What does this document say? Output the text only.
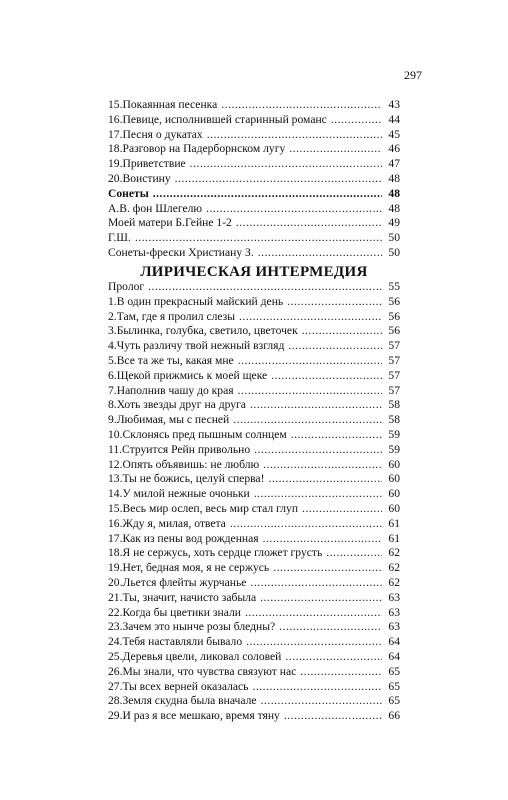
297
15.Покаянная песенка .....	43
16.Певице, исполнившей старинный романс .....	44
17.Песня о дукатах .....	45
18.Разговор на Падерборнском лугу .....	46
19.Приветствие .....	47
20.Воистину .....	48
Сонеты .....	48
А.В. фон Шлегелю .....	48
Моей матери Б.Гейне 1-2 .....	49
Г.Ш. .....	50
Сонеты-фрески Христиану З. .....	50
ЛИРИЧЕСКАЯ ИНТЕРМЕДИЯ
Пролог .....	55
1.В один прекрасный майский день .....	56
2.Там, где я пролил слезы .....	56
3.Былинка, голубка, светило, цветочек .....	56
4.Чуть различу твой нежный взгляд .....	57
5.Все та же ты, какая мне .....	57
6.Щекой прижмись к моей щеке .....	57
7.Наполнив чашу до края .....	57
8.Хоть звезды друг на друга .....	58
9.Любимая, мы с песней .....	58
10.Склонясь пред пышным солнцем .....	59
11.Струится Рейн привольно .....	59
12.Опять объявишь: не люблю .....	60
13.Ты не божись, целуй сперва! .....	60
14.У милой нежные очоньки .....	60
15.Весь мир ослеп, весь мир стал глуп .....	60
16.Жду я, милая, ответа .....	61
17.Как из пены вод рожденная .....	61
18.Я не сержусь, хоть сердце гложет грусть .....	62
19.Нет, бедная моя, я не сержусь .....	62
20.Льется флейты журчанье .....	62
21.Ты, значит, начисто забыла .....	63
22.Когда бы цветики знали .....	63
23.Зачем это нынче розы бледны? .....	63
24.Тебя наставляли бывало .....	64
25.Деревья цвели, ликовал соловей .....	64
26.Мы знали, что чувства связуют нас .....	65
27.Ты всех верней оказалась .....	65
28.Земля скудна была вначале .....	65
29.И раз я все мешкаю, время тяну .....	66
